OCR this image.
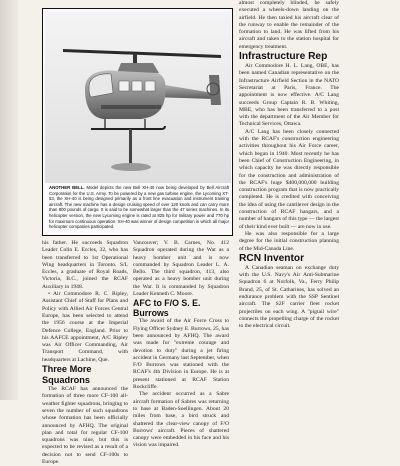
ANOTHER BELL. Model depicts the new Bell XH-40 now being developed by Bell Aircraft Corporation for the U.S. Army. To be powered by a new gas turbine engine, the Lycoming XT-53, the XH-40 is being designed primarily as a front line evacuation and instrument training aircraft. The new machine has a design cruising speed of over 120 knots and can carry more than 800 pounds of cargo. It is said to be somewhat larger than the 47 series machines. In its helicopter version, the new Lycoming engine is rated at 825 hp for military power and 770 hp for maximum continuous operation. XH-40 was winner of design competition in which all major helicopter companies participated.

his father. He succeeds Squadron Leader Colin E. Eccles, 32, who has been transferred to 1st Operational Wing headquarters in Toronto. S/L Eccles, a graduate of Royal Roads, Victoria, B.C., joined the RCAF Auxiliary in 1948.

• Air Commodore R. C. Ripley, Assistant Chief of Staff for Plans and Policy with Allied Air Forces Central Europe, has been selected to attend the 1956 course at the Imperial Defence College, England. Prior to his AAFCE appointment, A/C Ripley was Air Officer Commanding, Air Transport Command, with headquarters at Lachine, Que.

Three More Squadrons

The RCAF has announced the formation of three more CF-100 all-weather fighter squadrons, bringing to seven the number of such squadrons whose formation has been officially announced by AFHQ. The original plan and total for regular CF-100 squadrons was nine, but this is expected to be revised as a result of a decision not to send CF-100s to Europe.

Vancouver; V. B. Carnes, No. 412 Squadron operated during the War as a heavy bomber unit and is now commanded by Squadron Leader L. A. Bello. The third squadron, 413, also operated as a heavy bomber unit during the War. It is commanded by Squadron Leader Kenneth C. Moore.

AFC to F/O S. E. Burrows

The award of the Air Force Cross to Flying Officer Sydney E. Burrows, 25, has been announced by AFHQ. The award was made for "extreme courage and devotion to duty" during a jet firing accident in Germany last September, when F/O Burrows was stationed with the RCAF's 4th Division in Europe. He is at present stationed at RCAF Station Rockcliffe.

The accident occurred as a Sabre aircraft formation of Sabres was returning to base at Baden-Soellingen. About 20 miles from base, a bird struck and shattered the clear-view canopy of F/O Burrows' aircraft. Pieces of shattered canopy were embedded in his face and his vision was impaired.

almost completely blinded, he safely executed a wheels-down landing on the airfield. He then taxied his aircraft clear of the runway to enable the remainder of the formation to land. He was lifted from his aircraft and taken to the station hospital for emergency treatment.

Infrastructure Rep

Air Commodore H. L. Lang, OBE, has been named Canadian representative on the Infrastructure Airfield Section in the NATO Secretariat at Paris, France. The appointment is now effective. A/C Lang succeeds Group Captain R. B. Whiting, MBE, who has been transferred to a post with the department of the Air Member for Technical Services, Ottawa.

A/C Lang has been closely connected with the RCAF's construction engineering activities throughout his Air Force career, which began in 1940. Most recently he has been Chief of Construction Engineering, in which capacity he was directly responsible for the construction and administration of the RCAF's huge $400,000,000 building construction program that is now practically completed. He is credited with conceiving the idea of using the cantilever design in the construction of RCAF hangars, and a number of hangars of this type — the largest of their kind ever built — are now in use.

He was also responsible for a large degree for the initial construction planning of the Mid-Canada Line.

RCN Inventor

A Canadian seaman on exchange duty with the U.S. Navy's Air Anti-Submarine Squadron 6 at Norfolk, Va., Ferry Philip Brand, 25, of St. Catharines, has solved an endurance problem with the SSP Sentinel aircraft. The S2F carrier fleet rocket projectiles on each wing. A "pigtail wire" connects the propelling charge of the rocket to the electrical circuit.
